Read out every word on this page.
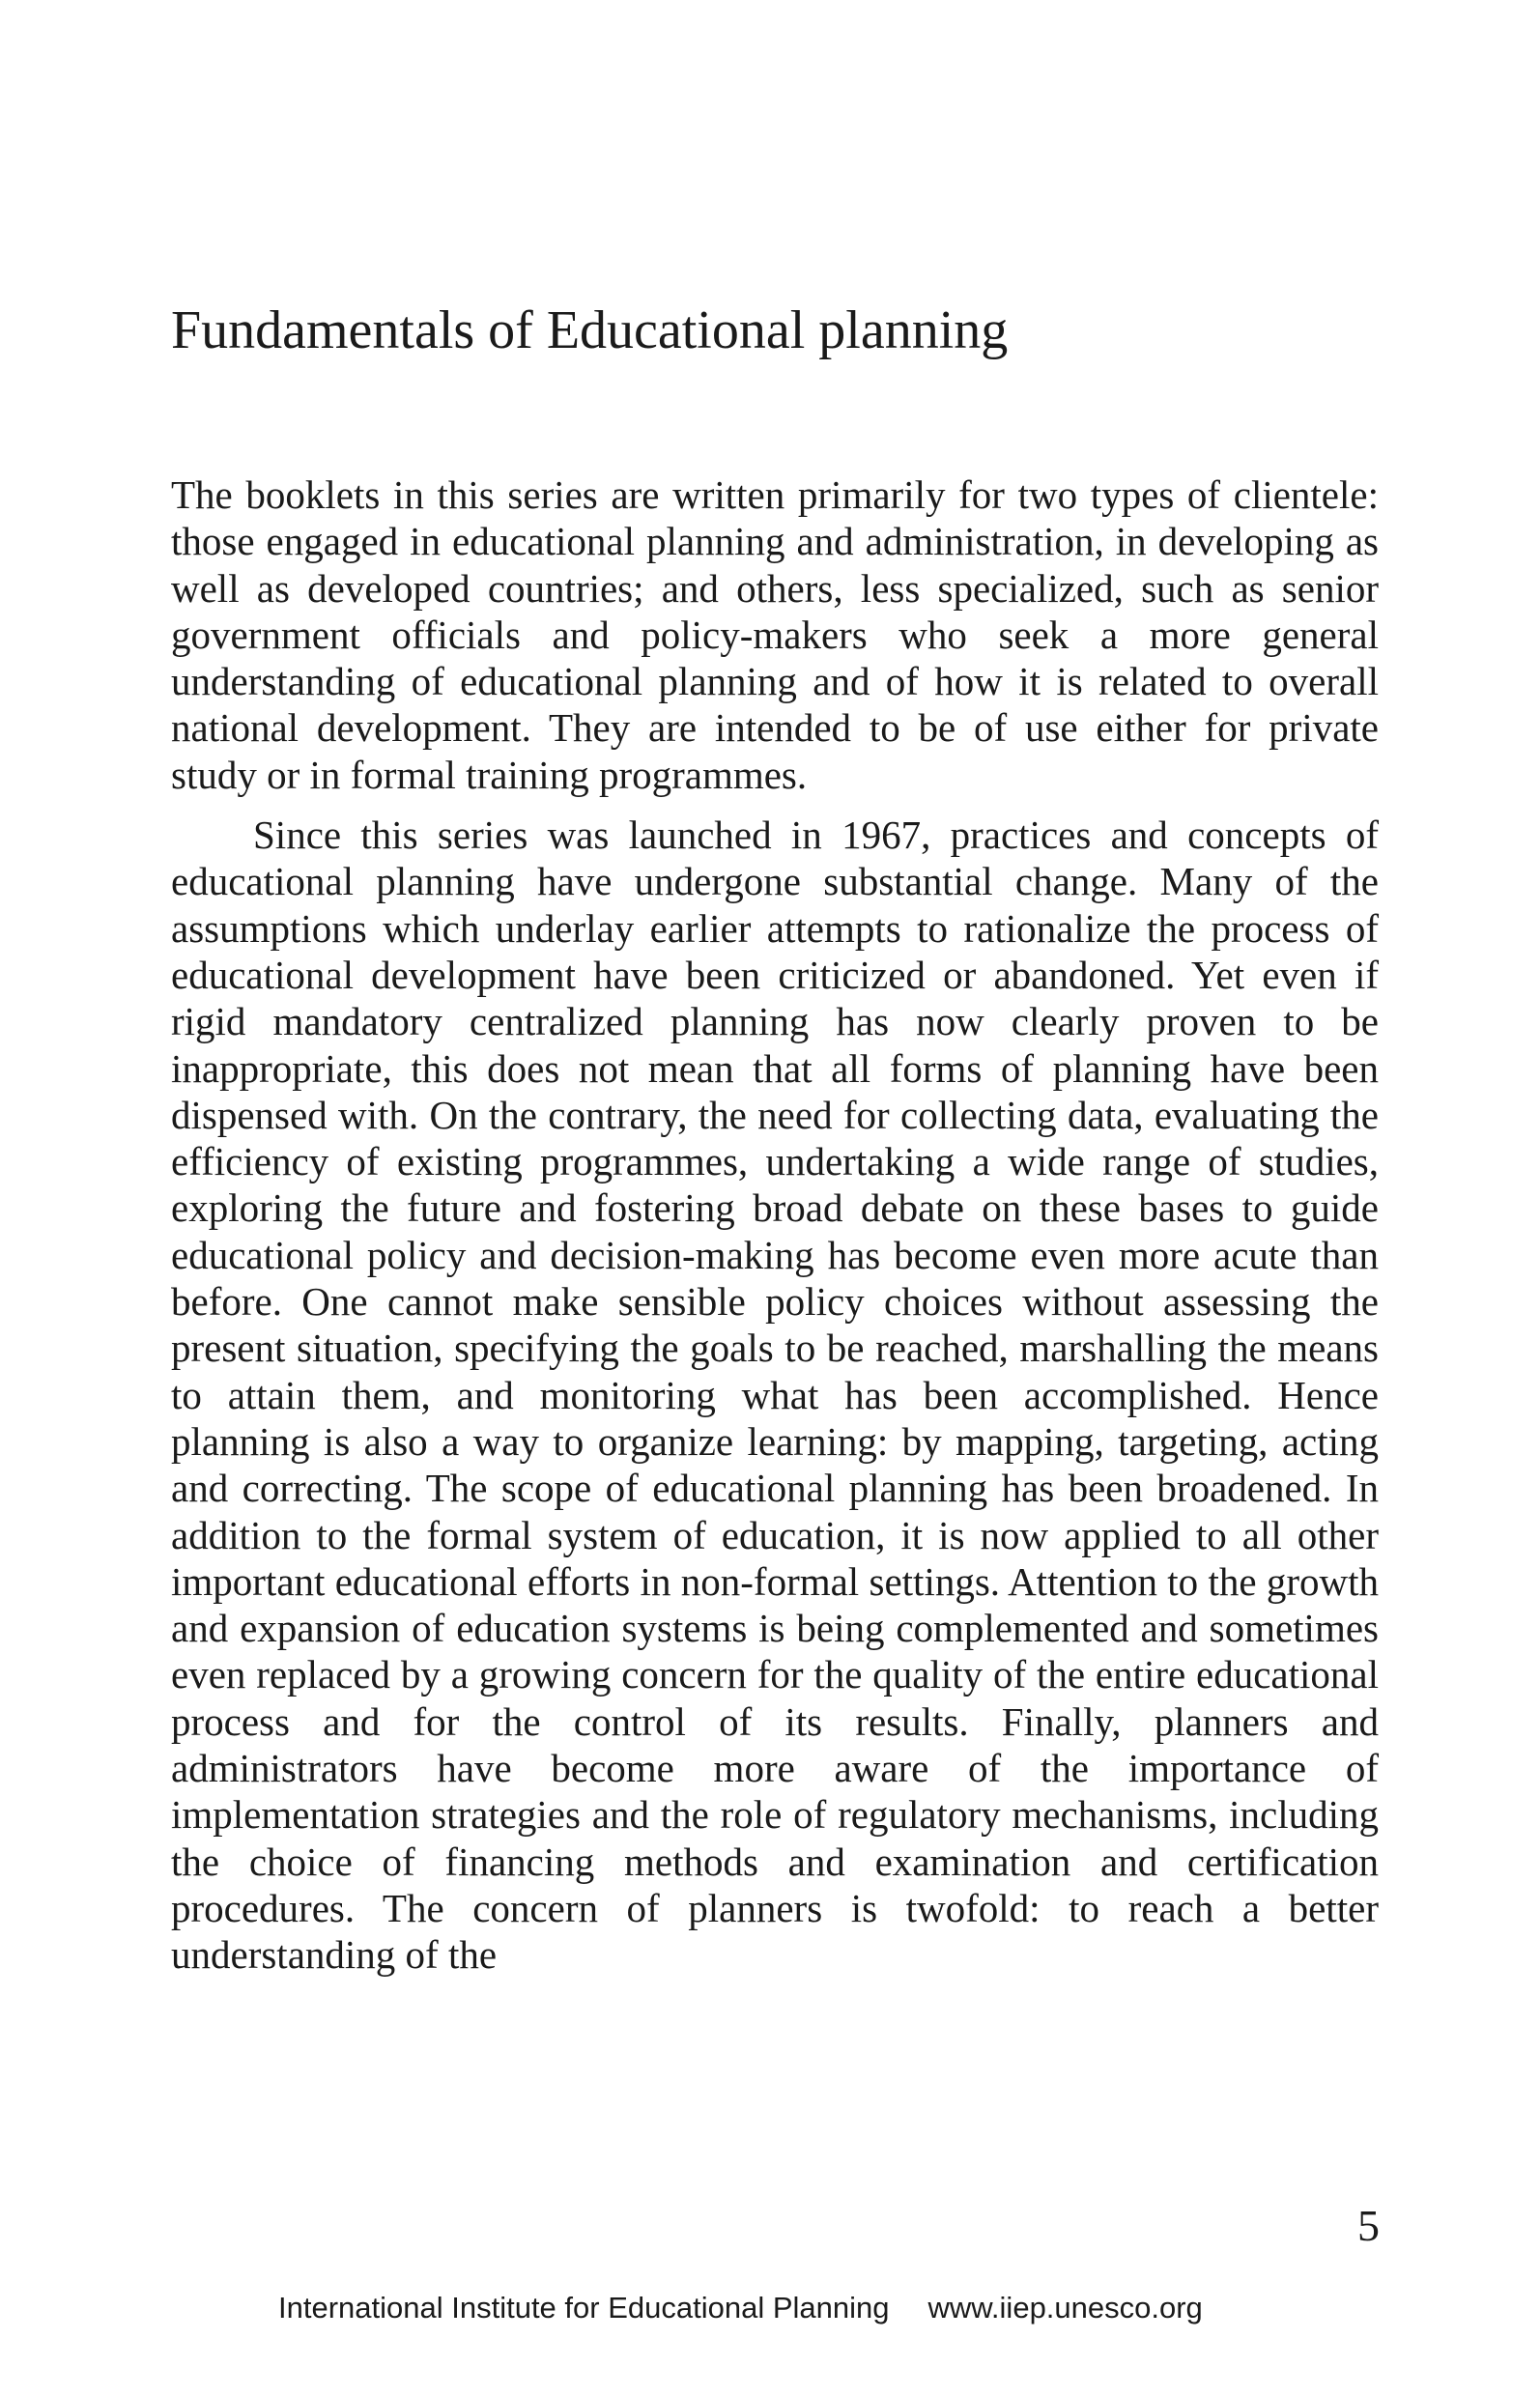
Fundamentals of Educational planning

The booklets in this series are written primarily for two types of clientele: those engaged in educational planning and administration, in developing as well as developed countries; and others, less specialized, such as senior government officials and policy-makers who seek a more general understanding of educational planning and of how it is related to overall national development. They are intended to be of use either for private study or in formal training programmes.

Since this series was launched in 1967, practices and concepts of educational planning have undergone substantial change. Many of the assumptions which underlay earlier attempts to rationalize the process of educational development have been criticized or abandoned. Yet even if rigid mandatory centralized planning has now clearly proven to be inappropriate, this does not mean that all forms of planning have been dispensed with. On the contrary, the need for collecting data, evaluating the efficiency of existing programmes, undertaking a wide range of studies, exploring the future and fostering broad debate on these bases to guide educational policy and decision-making has become even more acute than before. One cannot make sensible policy choices without assessing the present situation, specifying the goals to be reached, marshalling the means to attain them, and monitoring what has been accomplished. Hence planning is also a way to organize learning: by mapping, targeting, acting and correcting. The scope of educational planning has been broadened. In addition to the formal system of education, it is now applied to all other important educational efforts in non-formal settings. Attention to the growth and expansion of education systems is being complemented and sometimes even replaced by a growing concern for the quality of the entire educational process and for the control of its results. Finally, planners and administrators have become more aware of the importance of implementation strategies and the role of regulatory mechanisms, including the choice of financing methods and examination and certification procedures. The concern of planners is twofold: to reach a better understanding of the

5
International Institute for Educational Planning www.iiep.unesco.org
